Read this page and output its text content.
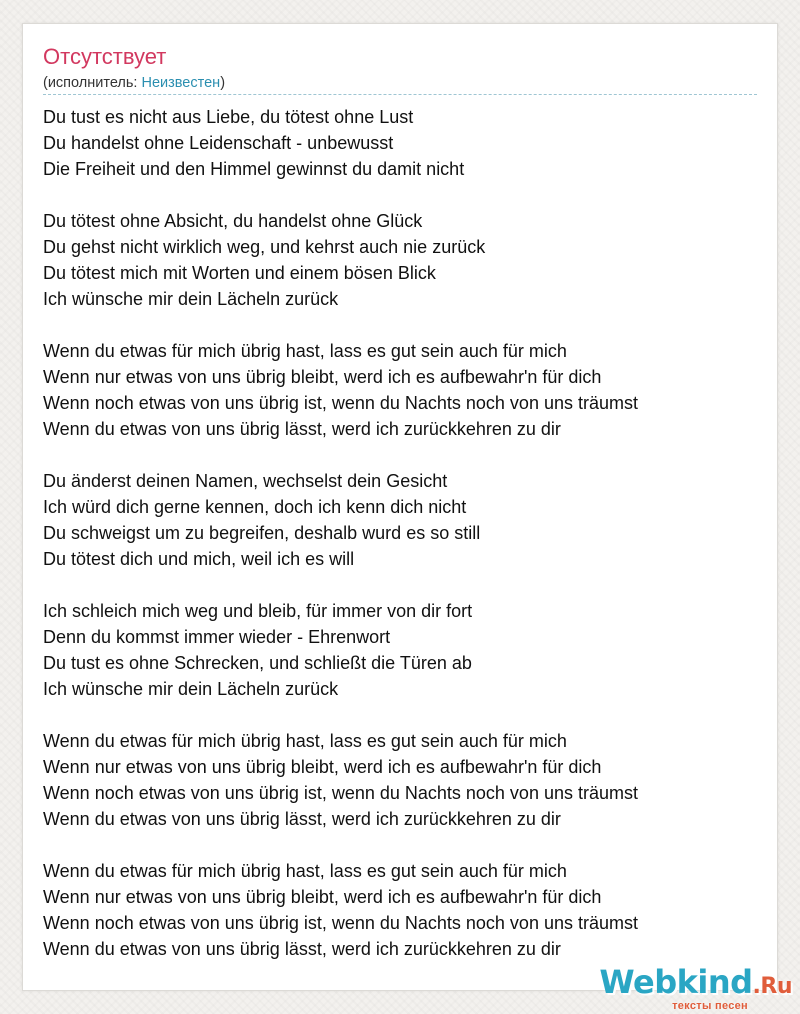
Отсутствует
(исполнитель: Неизвестен)
Du tust es nicht aus Liebe, du tötest ohne Lust
Du handelst ohne Leidenschaft - unbewusst
Die Freiheit und den Himmel gewinnst du damit nicht
Du tötest ohne Absicht, du handelst ohne Glück
Du gehst nicht wirklich weg, und kehrst auch nie zurück
Du tötest mich mit Worten und einem bösen Blick
Ich wünsche mir dein Lächeln zurück
Wenn du etwas für mich übrig hast, lass es gut sein auch für mich
Wenn nur etwas von uns übrig bleibt, werd ich es aufbewahr'n für dich
Wenn noch etwas von uns übrig ist, wenn du Nachts noch von uns träumst
Wenn du etwas von uns übrig lässt, werd ich zurückkehren zu dir
Du änderst deinen Namen, wechselst dein Gesicht
Ich würd dich gerne kennen, doch ich kenn dich nicht
Du schweigst um zu begreifen, deshalb wurd es so still
Du tötest dich und mich, weil ich es will
Ich schleich mich weg und bleib, für immer von dir fort
Denn du kommst immer wieder - Ehrenwort
Du tust es ohne Schrecken, und schließt die Türen ab
Ich wünsche mir dein Lächeln zurück
Wenn du etwas für mich übrig hast, lass es gut sein auch für mich
Wenn nur etwas von uns übrig bleibt, werd ich es aufbewahr'n für dich
Wenn noch etwas von uns übrig ist, wenn du Nachts noch von uns träumst
Wenn du etwas von uns übrig lässt, werd ich zurückkehren zu dir
Wenn du etwas für mich übrig hast, lass es gut sein auch für mich
Wenn nur etwas von uns übrig bleibt, werd ich es aufbewahr'n für dich
Wenn noch etwas von uns übrig ist, wenn du Nachts noch von uns träumst
Wenn du etwas von uns übrig lässt, werd ich zurückkehren zu dir
Webkind.Ru
тексты песен
